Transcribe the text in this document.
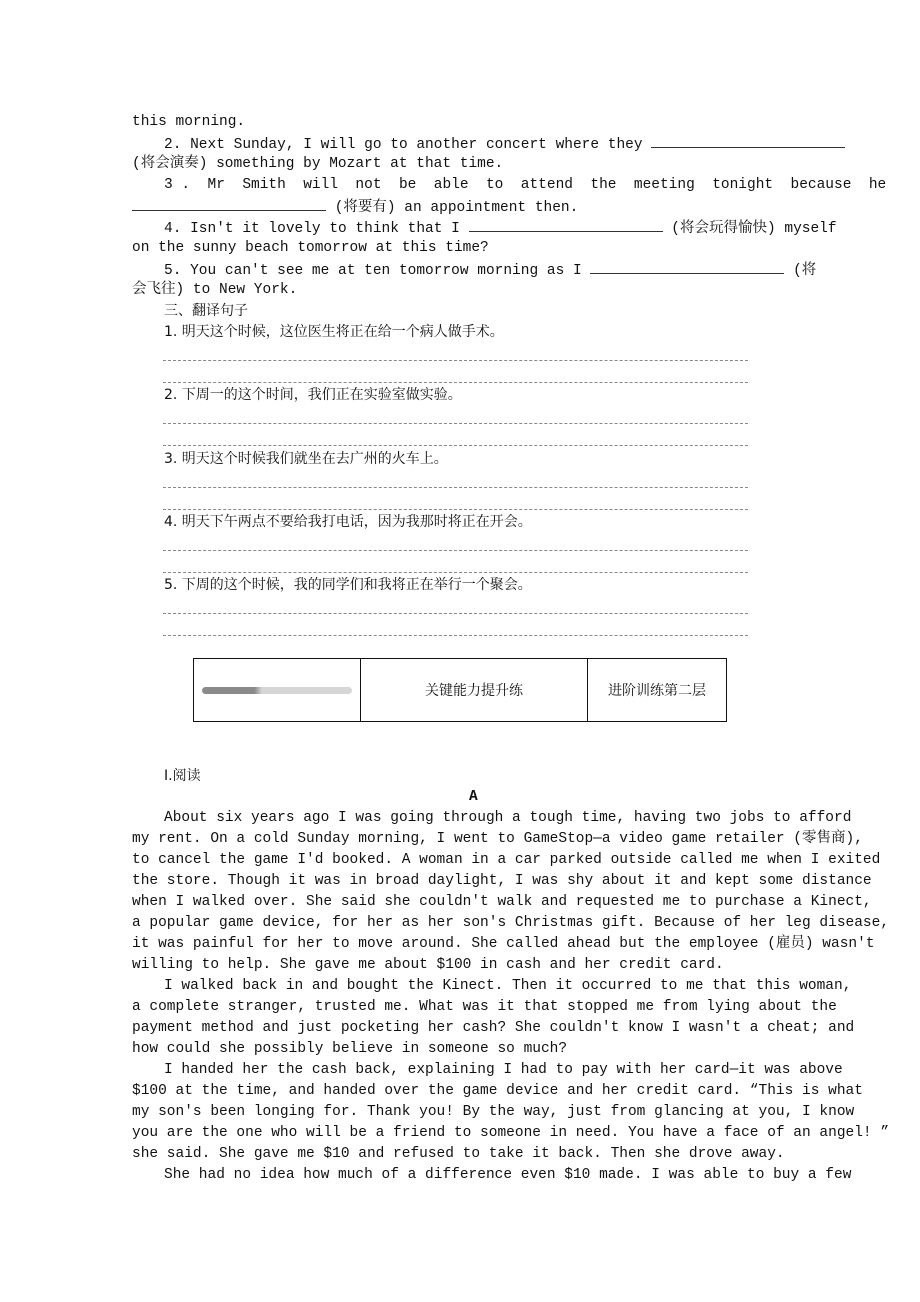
this morning.
2. Next Sunday, I will go to another concert where they
(将会演奏) something by Mozart at that time.
3 .  Mr  Smith  will  not  be  able  to  attend  the  meeting  tonight  because  he
(将要有) an appointment then.
4. Isn't it lovely to think that I	(将会玩得愉快) myself
on the sunny beach tomorrow at this time?
5. You can't see me at ten tomorrow morning as I	(将
会飞往) to New York.
三、翻译句子
1. 明天这个时候，这位医生将正在给一个病人做手术。
2. 下周一的这个时间，我们正在实验室做实验。
3. 明天这个时候我们就坐在去广州的火车上。
4. 明天下午两点不要给我打电话，因为我那时将正在开会。
5. 下周的这个时候，我的同学们和我将正在举行一个聚会。
	关键能力提升练	进阶训练第二层
Ⅰ.阅读
A
About six years ago I was going through a tough time, having two jobs to afford
my rent. On a cold Sunday morning, I went to GameStop—a video game retailer (零售商),
to cancel the game I'd booked. A woman in a car parked outside called me when I exited
the store. Though it was in broad daylight, I was shy about it and kept some distance
when I walked over. She said she couldn't walk and requested me to purchase a Kinect,
a popular game device, for her as her son's Christmas gift. Because of her leg disease,
it was painful for her to move around. She called ahead but the employee (雇员) wasn't
willing to help. She gave me about $100 in cash and her credit card.
I walked back in and bought the Kinect. Then it occurred to me that this woman,
a complete stranger, trusted me. What was it that stopped me from lying about the
payment method and just pocketing her cash? She couldn't know I wasn't a cheat; and
how could she possibly believe in someone so much?
I handed her the cash back, explaining I had to pay with her card—it was above
$100 at the time, and handed over the game device and her credit card. “This is what
my son's been longing for. Thank you! By the way, just from glancing at you, I know
you are the one who will be a friend to someone in need. You have a face of an angel! ”
she said. She gave me $10 and refused to take it back. Then she drove away.
She had no idea how much of a difference even $10 made. I was able to buy a few
